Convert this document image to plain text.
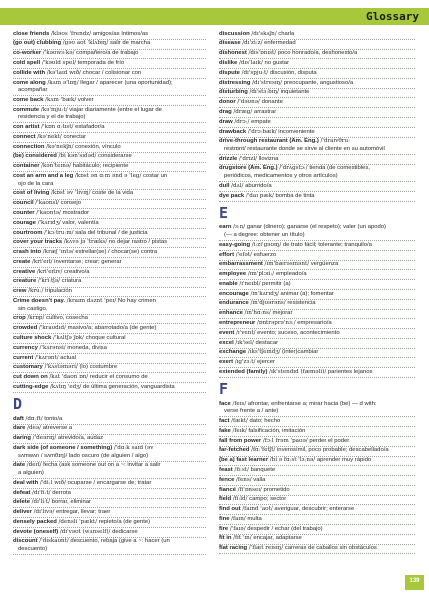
Glossary
close friends /kləʊs 'frendz/ amigos/as íntimos/as
(go out) clubbing /ɡəʊ aʊt 'klʌbɪŋ/ salir de marcha
co-worker /'kəʊwɜːkə/ compañero/a de trabajo
cold spell /'kəʊld spel/ temporada de frío
collide with /kə'laɪd wɪð/ chocar / colisionar con
come along /kʌm ə'lɒŋ/ llegar / aparecer (una oportunidad);
acompañar
come back /kʌm 'bæk/ volver
commute /kə'mjuːt/ viajar diariamente (entre el lugar de
residencia y el de trabajo)
con artist /'kɒn ɑːtɪst/ estafador/a
connect /kə'nekt/ conectar
connection /kə'nekʃn/ conexión, vínculo
(be) considered /bi kən'sɪdəd/ considerarse
container /kən'teɪnə/ habitáculo; recipiente
cost an arm and a leg /kɒst ən ɑːm ənd ə 'leɡ/ costar un
ojo de la cara
cost of living /kɒst əv 'lɪvɪŋ/ coste de la vida
council /'kaʊnsl/ consejo
counter /'kaʊntə/ mostrador
courage /'kʌrɪdʒ/ valor, valentía
courtroom /'kɔːtruːm/ sala del tribunal / de justicia
cover your tracks /kʌvə jə 'træks/ no dejar rastro / pistas
crash into /kræʃ 'ɪntə/ estrellar(se) / chocar(se) contra
create /kri'eɪt/ inventarse; crear; generar
creative /kri'eɪtɪv/ creativo/a
creature /'kriːtʃə/ criatura
crew /kruː/ tripulación
Crime doesn't pay. /kraɪm dʌznt 'peɪ/ No hay crimen
sin castigo.
crop /krɒp/ cultivo, cosecha
crowded /'kraʊdɪd/ masivo/a; abarrotado/a (de gente)
culture shock /'kʌltʃə ʃɒk/ choque cultural
currency /'kʌrənsi/ moneda, divisa
current /'kʌrənt/ actual
customary /'kʌstəməri/ (lo) costumbre
cut down on /kʌt 'daʊn ɒn/ reducir el consumo de
cutting-edge /kʌtɪŋ 'edʒ/ de última generación, vanguardista
D
daft /dɑːft/ tonto/a
dare /deə/ atreverse a
daring /'deərɪŋ/ atrevido/a, audaz
dark side (of someone / something) /'dɑːk saɪd (əv
sʌmwʌn / sʌmθɪŋ)/ lado oscuro (de alguien / algo)
date /deɪt/ fecha (ask someone out on a ~: invitar a salir
a alguien)
deal with /'diːl wɪð/ ocuparse / encargarse de; tratar
defeat /dɪ'fiːt/ derrota
delete /dɪ'liːt/ borrar, eliminar
deliver /dɪ'lɪvə/ entregar, llevar; traer
densely packed /densli 'pækt/ repleto/a (de gente)
devote (oneself) /dɪ'vəʊt (wʌnself)/ dedicarse
discount /'dɪskaʊnt/ descuento, rebaja (give a ~: hacer (un
descuento)
discussion /dɪ'skʌʃn/ charla
disease /dɪ'ziːz/ enfermedad
dishonest /dɪs'ɒnɪst/ poco honrado/a, deshonesto/a
dislike /dɪs'laɪk/ no gustar
dispute /dɪ'spjuːt/ discusión, disputa
distressing /dɪ'stresɪŋ/ preocupante, angustioso/a
disturbing /dɪ'stɜːbɪŋ/ inquietante
donor /'dəʊnə/ donante
drag /dræɡ/ arrastrar
draw /drɔː/ empate
drawback /'drɔːbæk/ inconveniente
drive-through restaurant (Am. Eng.) /'draɪvθruː
restrɒnt/ restaurante donde se sirve al cliente en su automóvil
drizzle /'drɪzl/ llovizna
drugstore (Am. Eng.) /'drʌɡstɔː/ tienda (de comestibles,
periódicos, medicamentos y otros artículos)
dull /dʌl/ aburrido/a
dye pack /'daɪ pæk/ bomba de tinta
E
earn /ɜːn/ ganar (dinero); ganarse (el respeto); valer (un apodo)
(— a degree: obtener un título)
easy-going /iːzi'ɡəʊɪŋ/ de trato fácil; tolerante; tranquilo/a
effort /'efət/ esfuerzo
embarrassment /ɪm'bærəsmənt/ vergüenza
employee /ɪm'plɔɪiː/ empleado/a
enable /ɪ'neɪbl/ permitir (a)
encourage /ɪn'kʌrɪdʒ/ animar (a); fomentar
endurance /ɪn'djʊərəns/ resistencia
enhance /ɪn'hɑːns/ mejorar
entrepreneur /ɒntrəprə'nɜː/ empresario/a
event /ɪ'vent/ evento; suceso, acontecimiento
excel /ɪk'sel/ destacar
exchange /ɪks'tʃeɪndʒ/ (inter)cambiar
exert /ɪɡ'zɜːt/ ejercer
extended (family) /ɪk'stendɪd (fæməli)/ parientes lejanos
F
face /feɪs/ afrontar, enfrentarse a; mirar hacia (be) — d with:
verse frente a / ante)
fact /fækt/ dato; hecho
fake /feɪk/ falsificación, imitación
fall from power /fɔːl frəm 'paʊə/ perder el poder
far-fetched /fɑː'fetʃt/ inverosímil, poco probable; descabellado/a
(be a) fast learner /bi ə fɑːst 'lɜːnə/ aprender muy rápido
feast /fiːst/ banquete
fence /fens/ valla
fiancé /fi'ɒnseɪ/ prometido
field /fiːld/ campo; sector
find out /faɪnd 'aʊt/ averiguar, descubrir; enterarse
fine /faɪn/ multa
fire /'faɪə/ despedir / echar (del trabajo)
fit in /fɪt 'ɪn/ encajar, adaptarse
flat racing /'flæt reɪsɪŋ/ carreras de caballos sin obstáculos
139
